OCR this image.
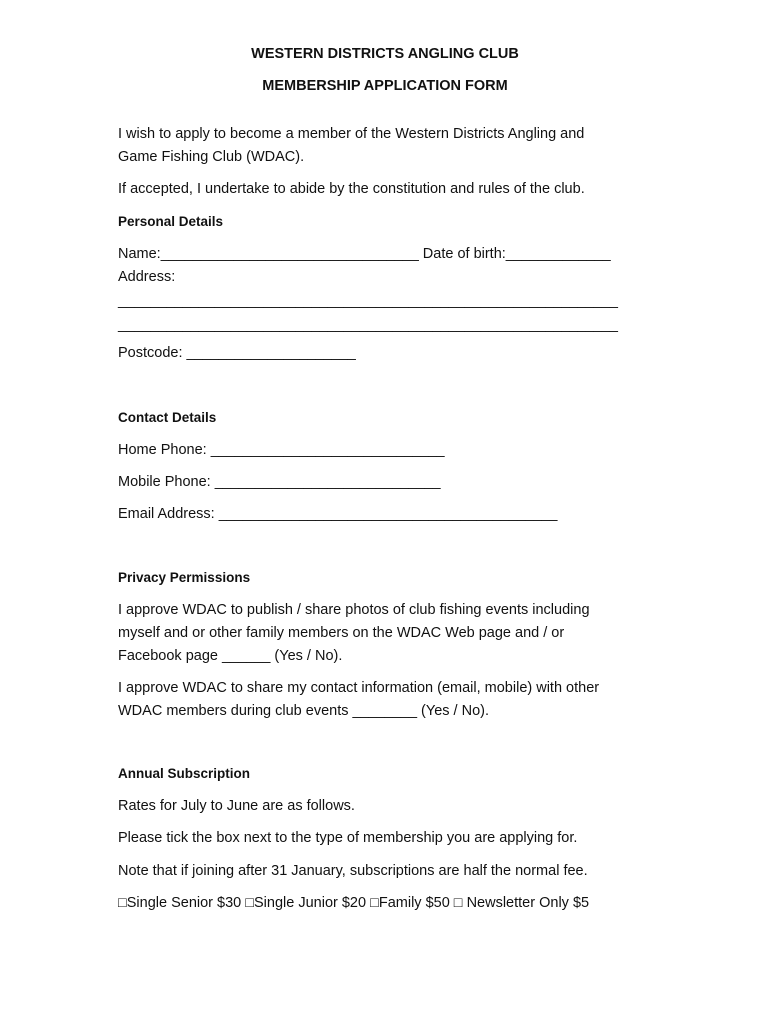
WESTERN DISTRICTS ANGLING CLUB
MEMBERSHIP APPLICATION FORM
I wish to apply to become a member of the Western Districts Angling and
Game Fishing Club (WDAC).
If accepted, I undertake to abide by the constitution and rules of the club.
Personal Details
Name:________________________________ Date of birth:_____________
Address:
______________________________________________________________
______________________________________________________________
Postcode: _____________________
Contact Details
Home Phone: _____________________________
Mobile Phone: ____________________________
Email Address: __________________________________________
Privacy Permissions
I approve WDAC to publish / share photos of club fishing events including
myself and or other family members on the WDAC Web page and / or
Facebook page ______ (Yes / No).
I approve WDAC to share my contact information (email, mobile) with other
WDAC members during club events ________ (Yes / No).
Annual Subscription
Rates for July to June are as follows.
Please tick the box next to the type of membership you are applying for.
Note that if joining after 31 January, subscriptions are half the normal fee.
□Single Senior $30 □Single Junior $20 □Family $50 □ Newsletter Only $5
